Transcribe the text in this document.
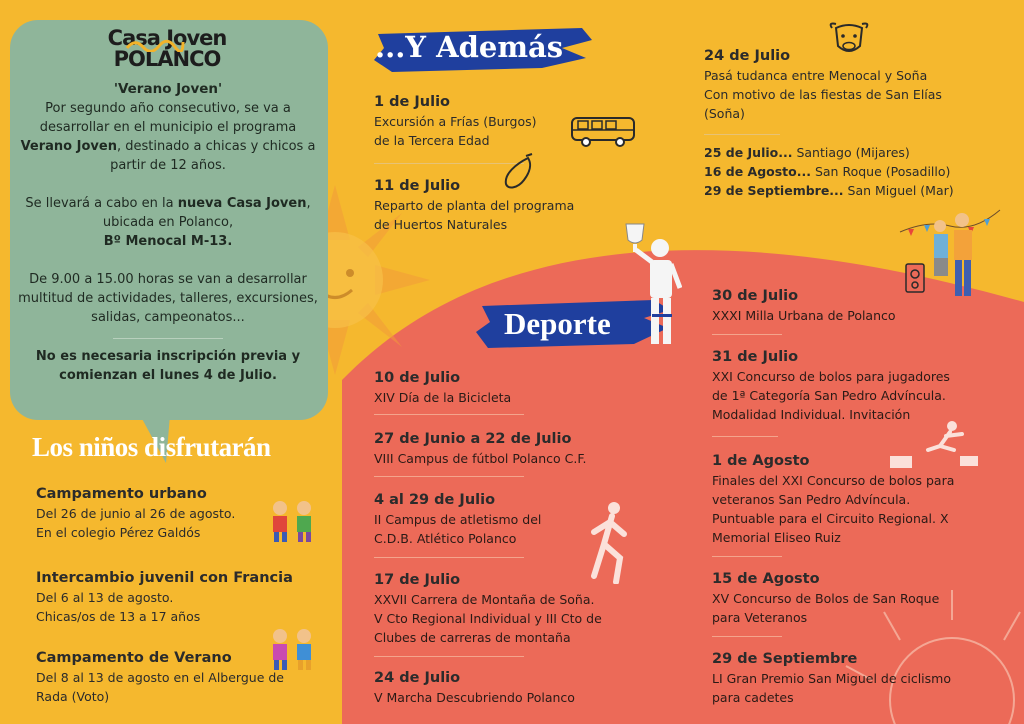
Casa Joven
POLANCO

'Verano Joven'

Por segundo año consecutivo, se va a desarrollar en el municipio el programa Verano Joven, destinado a chicas y chicos a partir de 12 años.

Se llevará a cabo en la nueva Casa Joven, ubicada en Polanco,
Bº Menocal M-13.

De 9.00 a 15.00 horas se van a desarrollar multitud de actividades, talleres, excursiones, salidas, campeonatos...

No es necesaria inscripción previa y comienzan el lunes 4 de Julio.

Los niños disfrutarán
Campamento urbano
Del 26 de junio al 26 de agosto.
En el colegio Pérez Galdós
Intercambio juvenil con Francia
Del 6 al 13 de agosto.
Chicas/os de 13 a 17 años
Campamento de Verano
Del 8 al 13 de agosto en el Albergue de
Rada (Voto)
...Y Además
1 de Julio
Excursión a Frías (Burgos)
de la Tercera Edad
11 de Julio
Reparto de planta del programa
de Huertos Naturales
24 de Julio
Pasá tudanca entre Menocal y Soña
Con motivo de las fiestas de San Elías
(Soña)
25 de Julio... Santiago (Mijares)
16 de Agosto... San Roque (Posadillo)
29 de Septiembre... San Miguel (Mar)
Deporte
10 de Julio
XIV Día de la Bicicleta
27 de Junio a 22 de Julio
VIII Campus de fútbol Polanco C.F.
4 al 29 de Julio
II Campus de atletismo del
C.D.B. Atlético Polanco
17 de Julio
XXVII Carrera de Montaña de Soña.
V Cto Regional Individual y III Cto de
Clubes de carreras de montaña
24 de Julio
V Marcha Descubriendo Polanco
30 de Julio
XXXI Milla Urbana de Polanco
31 de Julio
XXI Concurso de bolos para jugadores
de 1ª Categoría San Pedro Advíncula.
Modalidad Individual. Invitación
1 de Agosto
Finales del XXI Concurso de bolos para
veteranos San Pedro Advíncula.
Puntuable para el Circuito Regional. X
Memorial Eliseo Ruiz
15 de Agosto
XV Concurso de Bolos de San Roque
para Veteranos
29 de Septiembre
LI Gran Premio San Miguel de ciclismo
para cadetes
